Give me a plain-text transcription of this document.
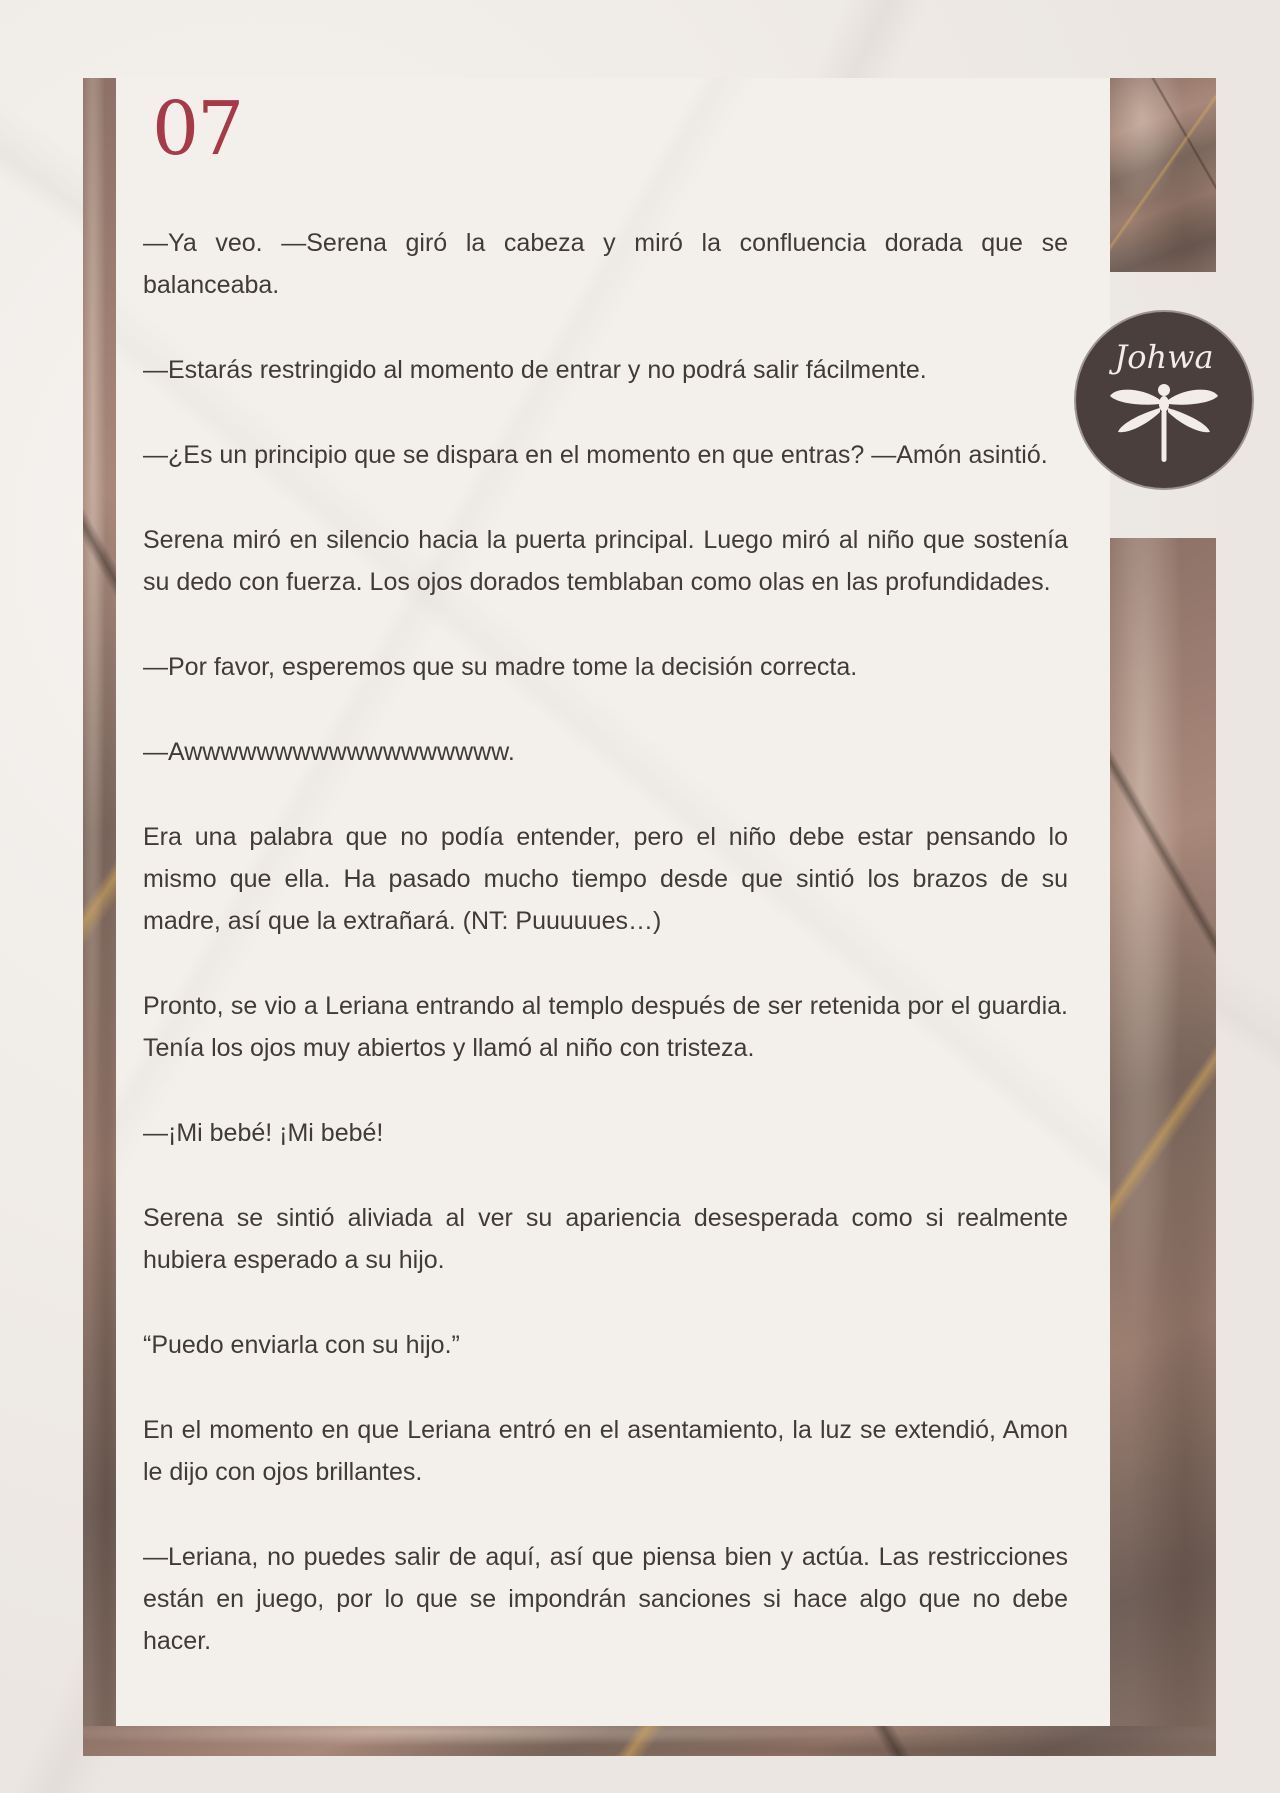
07

—Ya veo. —Serena giró la cabeza y miró la confluencia dorada que se balanceaba.

—Estarás restringido al momento de entrar y no podrá salir fácilmente.

—¿Es un principio que se dispara en el momento en que entras? —Amón asintió.

Serena miró en silencio hacia la puerta principal. Luego miró al niño que sostenía su dedo con fuerza. Los ojos dorados temblaban como olas en las profundidades.

—Por favor, esperemos que su madre tome la decisión correcta.

—Awwwwwwwwwwwwwwwwww.

Era una palabra que no podía entender, pero el niño debe estar pensando lo mismo que ella. Ha pasado mucho tiempo desde que sintió los brazos de su madre, así que la extrañará. (NT: Puuuuues…)

Pronto, se vio a Leriana entrando al templo después de ser retenida por el guardia. Tenía los ojos muy abiertos y llamó al niño con tristeza.

—¡Mi bebé! ¡Mi bebé!

Serena se sintió aliviada al ver su apariencia desesperada como si realmente hubiera esperado a su hijo.

“Puedo enviarla con su hijo.”

En el momento en que Leriana entró en el asentamiento, la luz se extendió, Amon le dijo con ojos brillantes.

—Leriana, no puedes salir de aquí, así que piensa bien y actúa. Las restricciones están en juego, por lo que se impondrán sanciones si hace algo que no debe hacer.

Johwa
